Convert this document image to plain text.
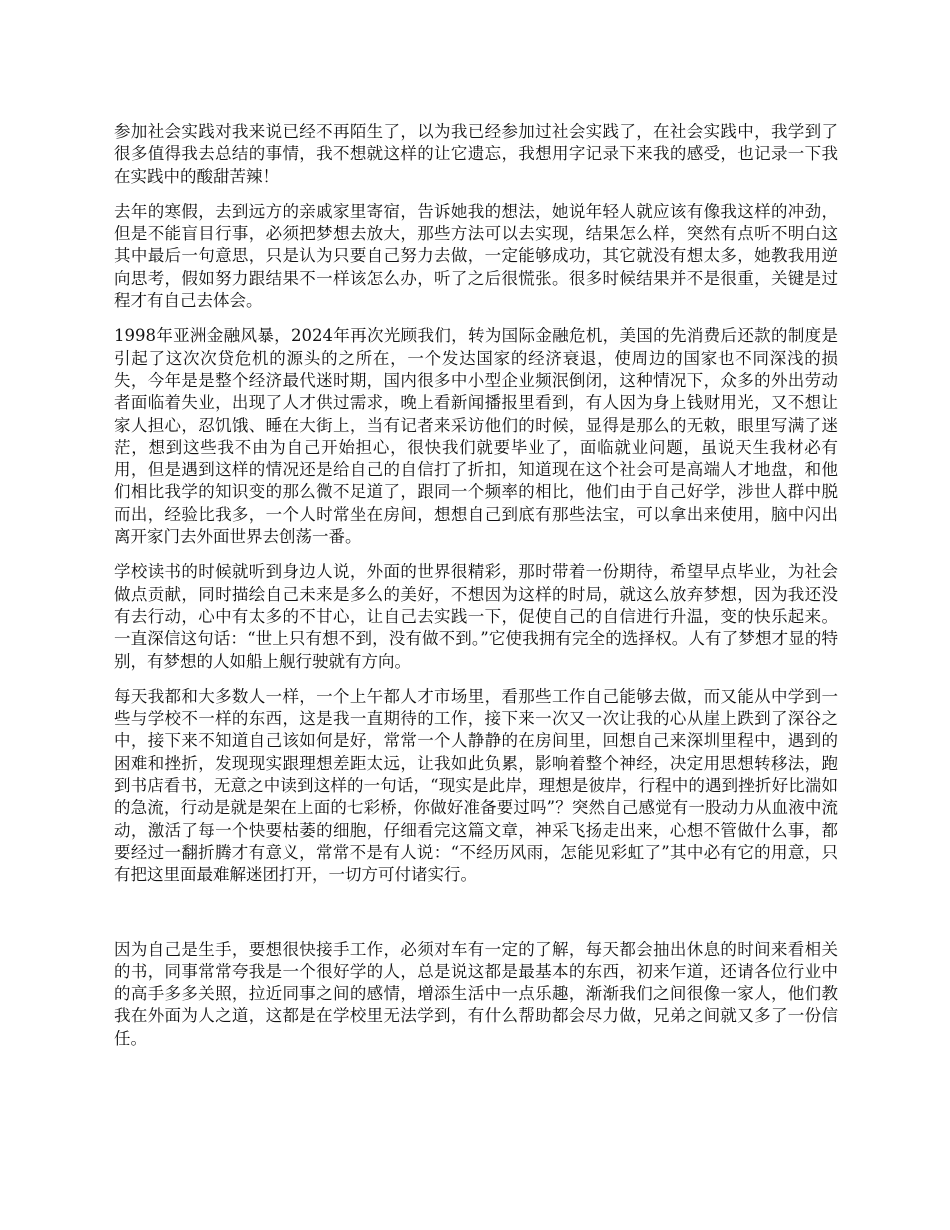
参加社会实践对我来说已经不再陌生了，以为我已经参加过社会实践了，在社会实践中，我学到了很多值得我去总结的事情，我不想就这样的让它遗忘，我想用字记录下来我的感受，也记录一下我在实践中的酸甜苦辣！

去年的寒假，去到远方的亲戚家里寄宿，告诉她我的想法，她说年轻人就应该有像我这样的冲劲，但是不能盲目行事，必须把梦想去放大，那些方法可以去实现，结果怎么样，突然有点听不明白这其中最后一句意思，只是认为只要自己努力去做，一定能够成功，其它就没有想太多，她教我用逆向思考，假如努力跟结果不一样该怎么办，听了之后很慌张。很多时候结果并不是很重，关键是过程才有自己去体会。

1998年亚洲金融风暴，2024年再次光顾我们，转为国际金融危机，美国的先消费后还款的制度是引起了这次次贷危机的源头的之所在，一个发达国家的经济衰退，使周边的国家也不同深浅的损失，今年是是整个经济最代迷时期，国内很多中小型企业频泯倒闭，这种情况下，众多的外出劳动者面临着失业，出现了人才供过需求，晚上看新闻播报里看到，有人因为身上钱财用光，又不想让家人担心，忍饥饿、睡在大街上，当有记者来采访他们的时候，显得是那么的无敕，眼里写满了迷茫，想到这些我不由为自己开始担心，很快我们就要毕业了，面临就业问题，虽说天生我材必有用，但是遇到这样的情况还是给自己的自信打了折扣，知道现在这个社会可是高端人才地盘，和他们相比我学的知识变的那么微不足道了，跟同一个频率的相比，他们由于自己好学，涉世人群中脱而出，经验比我多，一个人时常坐在房间，想想自己到底有那些法宝，可以拿出来使用，脑中闪出离开家门去外面世界去创荡一番。

学校读书的时候就听到身边人说，外面的世界很精彩，那时带着一份期待，希望早点毕业，为社会做点贡献，同时描绘自己未来是多么的美好，不想因为这样的时局，就这么放弃梦想，因为我还没有去行动，心中有太多的不甘心，让自己去实践一下，促使自己的自信进行升温，变的快乐起来。一直深信这句话：“世上只有想不到，没有做不到。”它使我拥有完全的选择权。人有了梦想才显的特别，有梦想的人如船上舰行驶就有方向。

每天我都和大多数人一样，一个上午都人才市场里，看那些工作自己能够去做，而又能从中学到一些与学校不一样的东西，这是我一直期待的工作，接下来一次又一次让我的心从崖上跌到了深谷之中，接下来不知道自己该如何是好，常常一个人静静的在房间里，回想自己来深圳里程中，遇到的困难和挫折，发现现实跟理想差距太远，让我如此负累，影响着整个神经，决定用思想转移法，跑到书店看书，无意之中读到这样的一句话，“现实是此岸，理想是彼岸，行程中的遇到挫折好比湍如的急流，行动是就是架在上面的七彩桥，你做好准备要过吗”？突然自己感觉有一股动力从血液中流动，激活了每一个快要枯萎的细胞，仔细看完这篇文章，神采飞扬走出来，心想不管做什么事，都要经过一翻折腾才有意义，常常不是有人说：“不经历风雨，怎能见彩虹了”其中必有它的用意，只有把这里面最难解迷团打开，一切方可付诸实行。

因为自己是生手，要想很快接手工作，必须对车有一定的了解，每天都会抽出休息的时间来看相关的书，同事常常夸我是一个很好学的人，总是说这都是最基本的东西，初来乍道，还请各位行业中的高手多多关照，拉近同事之间的感情，增添生活中一点乐趣，渐渐我们之间很像一家人，他们教我在外面为人之道，这都是在学校里无法学到，有什么帮助都会尽力做，兄弟之间就又多了一份信任。
